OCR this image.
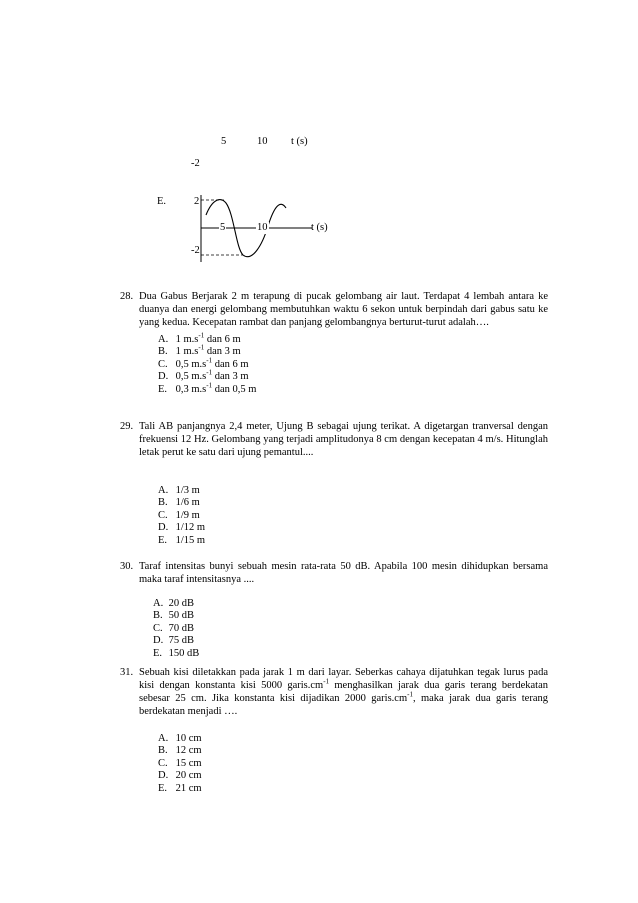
5	10 t (s)
-2
E.	2
-2
5	10	t (s)
28. Dua Gabus Berjarak 2 m terapung di pucak gelombang air laut. Terdapat 4 lembah antara ke duanya dan energi gelombang membutuhkan waktu 6 sekon untuk berpindah dari gabus satu ke yang kedua. Kecepatan rambat dan panjang gelombangnya berturut-turut adalah….
A. 1 $m.s^{-1}$ dan 6 m
B. 1 $m.s^{-1}$ dan 3 m
C. 0,5 $m.s^{-1}$ dan 6 m
D. 0,5 $m.s^{-1}$ dan 3 m
E. 0,3 $m.s^{-1}$ dan 0,5 m
29. Tali AB panjangnya 2,4 meter, Ujung B sebagai ujung terikat. A digetargan tranversal dengan frekuensi 12 Hz. Gelombang yang terjadi amplitudonya 8 cm dengan kecepatan 4 m/s. Hitunglah letak perut ke satu dari ujung pemantul....
A. 1/3 m
B. 1/6 m
C. 1/9 m
D. 1/12 m
E. 1/15 m
30. Taraf intensitas bunyi sebuah mesin rata-rata 50 dB. Apabila 100 mesin dihidupkan bersama maka taraf intensitasnya ....
A. 20 dB
B. 50 dB
C. 70 dB
D. 75 dB
E. 150 dB
31. Sebuah kisi diletakkan pada jarak 1 m dari layar. Seberkas cahaya dijatuhkan tegak lurus pada kisi dengan konstanta kisi 5000 $garis.cm^{-1}$ menghasilkan jarak dua garis terang berdekatan sebesar 25 cm. Jika konstanta kisi dijadikan 2000 $garis.cm^{-1}$, maka jarak dua garis terang berdekatan menjadi ….
A. 10 cm
B. 12 cm
C. 15 cm
D. 20 cm
E. 21 cm
